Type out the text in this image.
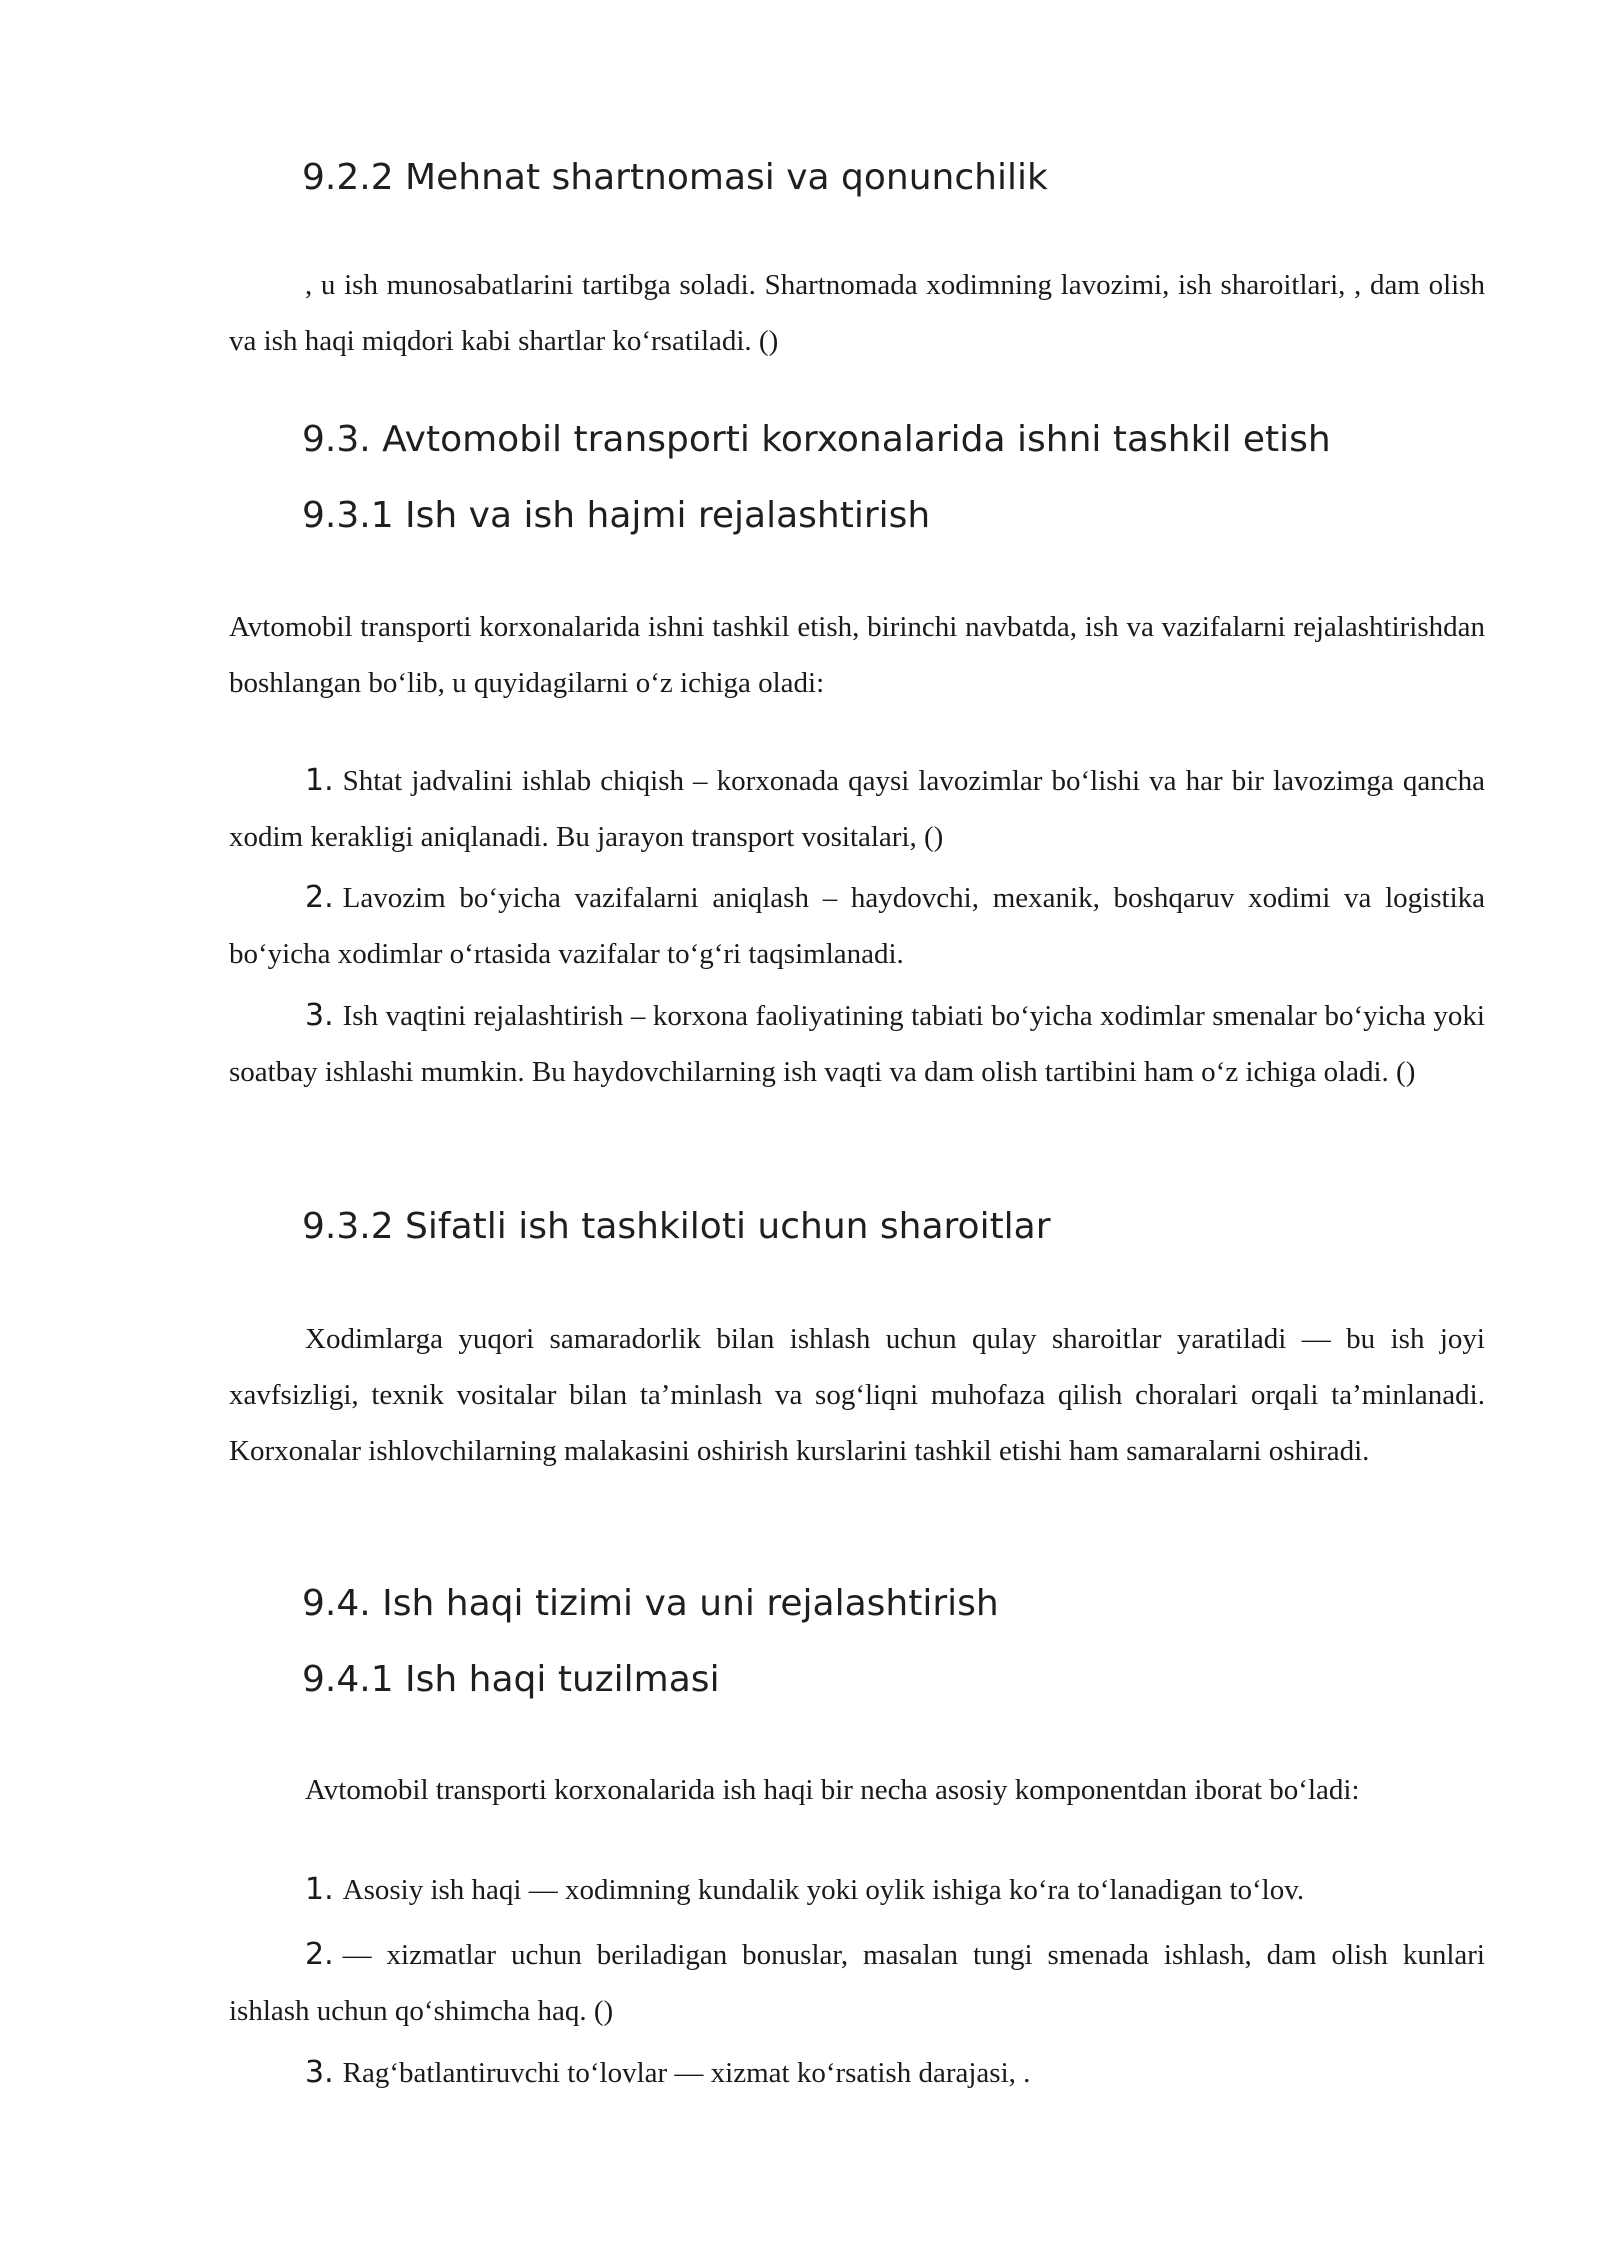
9.2.2 Mehnat shartnomasi va qonunchilik

, u ish munosabatlarini tartibga soladi. Shartnomada xodimning lavozimi, ish sharoitlari, , dam olish va ish haqi miqdori kabi shartlar ko‘rsatiladi. ()

9.3. Avtomobil transporti korxonalarida ishni tashkil etish
9.3.1 Ish va ish hajmi rejalashtirish

Avtomobil transporti korxonalarida ishni tashkil etish, birinchi navbatda, ish va vazifalarni rejalashtirishdan boshlangan bo‘lib, u quyidagilarni o‘z ichiga oladi:

1. Shtat jadvalini ishlab chiqish – korxonada qaysi lavozimlar bo‘lishi va har bir lavozimga qancha xodim kerakligi aniqlanadi. Bu jarayon transport vositalari, ()

2. Lavozim bo‘yicha vazifalarni aniqlash – haydovchi, mexanik, boshqaruv xodimi va logistika bo‘yicha xodimlar o‘rtasida vazifalar to‘g‘ri taqsimlanadi.

3. Ish vaqtini rejalashtirish – korxona faoliyatining tabiati bo‘yicha xodimlar smenalar bo‘yicha yoki soatbay ishlashi mumkin. Bu haydovchilarning ish vaqti va dam olish tartibini ham o‘z ichiga oladi. ()

9.3.2 Sifatli ish tashkiloti uchun sharoitlar

Xodimlarga yuqori samaradorlik bilan ishlash uchun qulay sharoitlar yaratiladi — bu ish joyi xavfsizligi, texnik vositalar bilan ta’minlash va sog‘liqni muhofaza qilish choralari orqali ta’minlanadi. Korxonalar ishlovchilarning malakasini oshirish kurslarini tashkil etishi ham samaralarni oshiradi.

9.4. Ish haqi tizimi va uni rejalashtirish
9.4.1 Ish haqi tuzilmasi

Avtomobil transporti korxonalarida ish haqi bir necha asosiy komponentdan iborat bo‘ladi:

1. Asosiy ish haqi — xodimning kundalik yoki oylik ishiga ko‘ra to‘lanadigan to‘lov.

2. — xizmatlar uchun beriladigan bonuslar, masalan tungi smenada ishlash, dam olish kunlari ishlash uchun qo‘shimcha haq. ()

3. Rag‘batlantiruvchi to‘lovlar — xizmat ko‘rsatish darajasi, .
